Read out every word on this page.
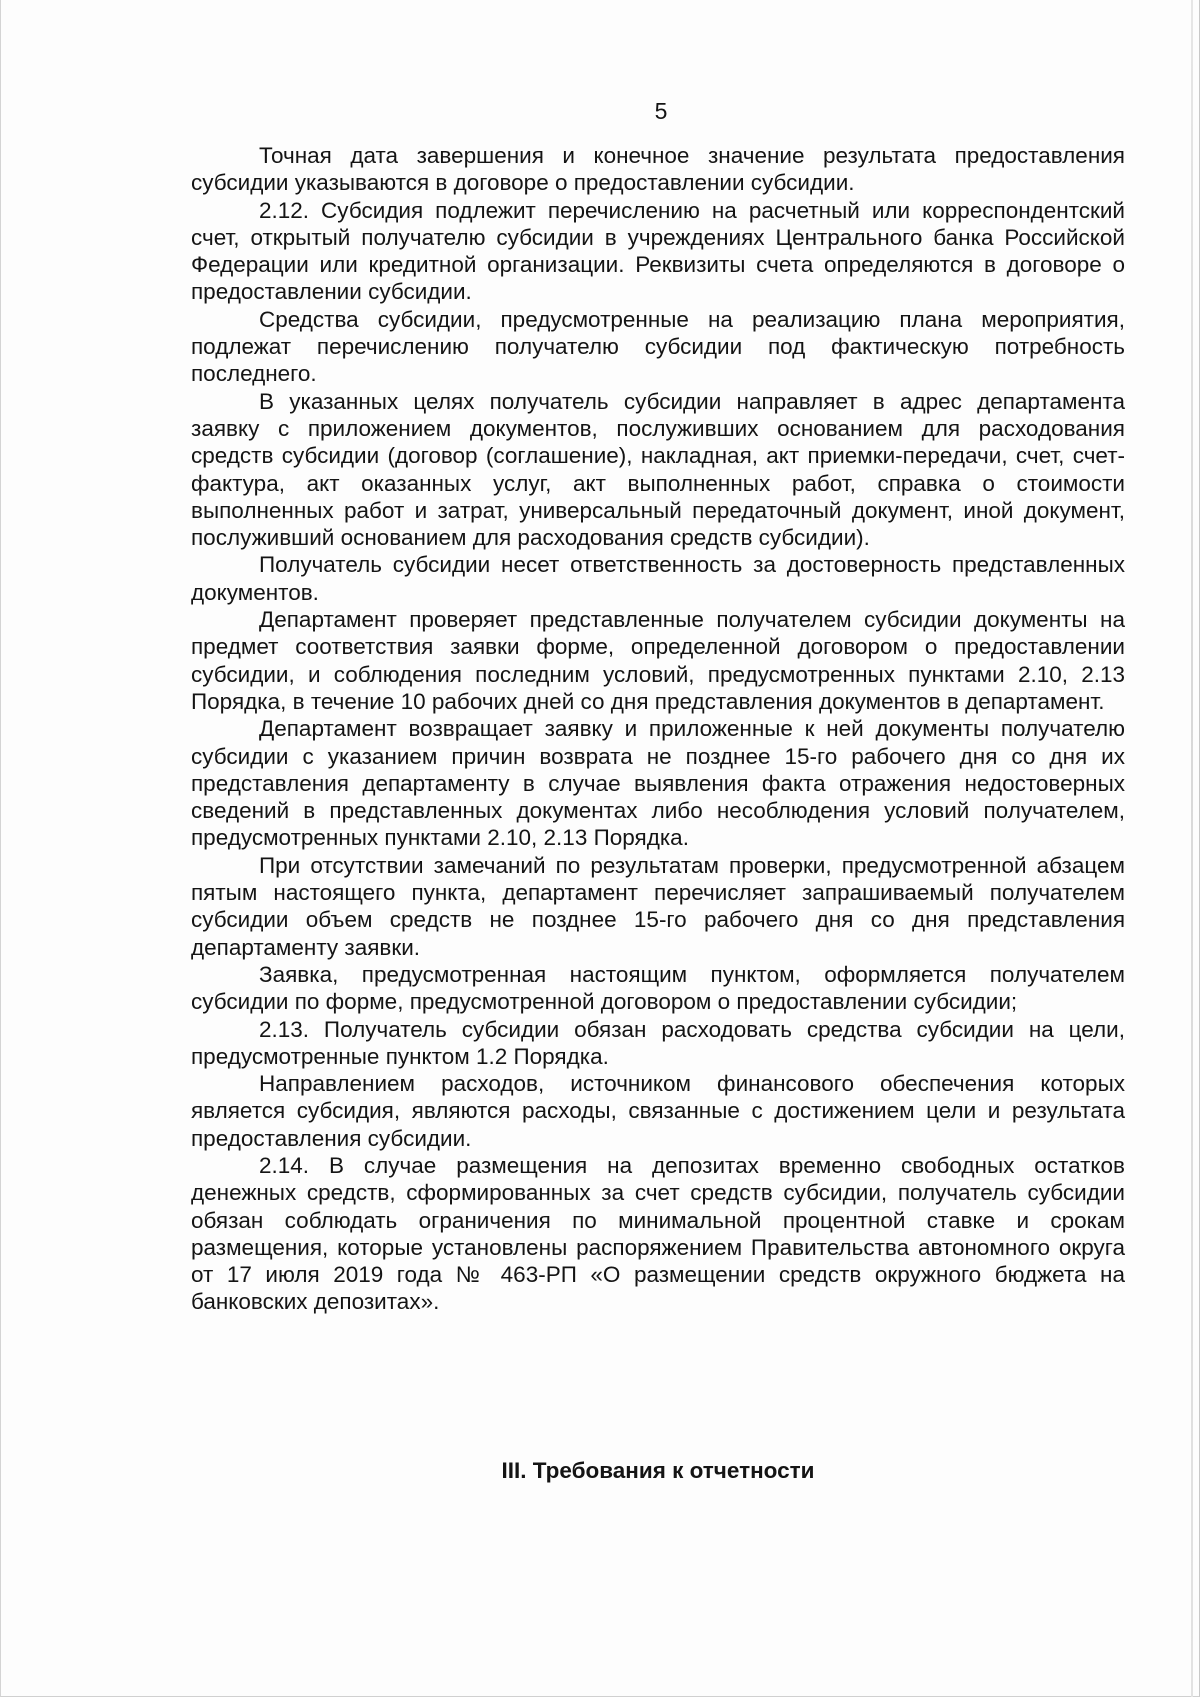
5

Точная дата завершения и конечное значение результата предоставления субсидии указываются в договоре о предоставлении субсидии.

2.12. Субсидия подлежит перечислению на расчетный или корреспондентский счет, открытый получателю субсидии в учреждениях Центрального банка Российской Федерации или кредитной организации. Реквизиты счета определяются в договоре о предоставлении субсидии.

Средства субсидии, предусмотренные на реализацию плана мероприятия, подлежат перечислению получателю субсидии под фактическую потребность последнего.

В указанных целях получатель субсидии направляет в адрес департамента заявку с приложением документов, послуживших основанием для расходования средств субсидии (договор (соглашение), накладная, акт приемки-передачи, счет, счет-фактура, акт оказанных услуг, акт выполненных работ, справка о стоимости выполненных работ и затрат, универсальный передаточный документ, иной документ, послуживший основанием для расходования средств субсидии).

Получатель субсидии несет ответственность за достоверность представленных документов.

Департамент проверяет представленные получателем субсидии документы на предмет соответствия заявки форме, определенной договором о предоставлении субсидии, и соблюдения последним условий, предусмотренных пунктами 2.10, 2.13 Порядка, в течение 10 рабочих дней со дня представления документов в департамент.

Департамент возвращает заявку и приложенные к ней документы получателю субсидии с указанием причин возврата не позднее 15-го рабочего дня со дня их представления департаменту в случае выявления факта отражения недостоверных сведений в представленных документах либо несоблюдения условий получателем, предусмотренных пунктами 2.10, 2.13 Порядка.

При отсутствии замечаний по результатам проверки, предусмотренной абзацем пятым настоящего пункта, департамент перечисляет запрашиваемый получателем субсидии объем средств не позднее 15-го рабочего дня со дня представления департаменту заявки.

Заявка, предусмотренная настоящим пунктом, оформляется получателем субсидии по форме, предусмотренной договором о предоставлении субсидии;

2.13. Получатель субсидии обязан расходовать средства субсидии на цели, предусмотренные пунктом 1.2 Порядка.

Направлением расходов, источником финансового обеспечения которых является субсидия, являются расходы, связанные с достижением цели и результата предоставления субсидии.

2.14. В случае размещения на депозитах временно свободных остатков денежных средств, сформированных за счет средств субсидии, получатель субсидии обязан соблюдать ограничения по минимальной процентной ставке и срокам размещения, которые установлены распоряжением Правительства автономного округа от 17 июля 2019 года № 463-РП «О размещении средств окружного бюджета на банковских депозитах».

III. Требования к отчетности
